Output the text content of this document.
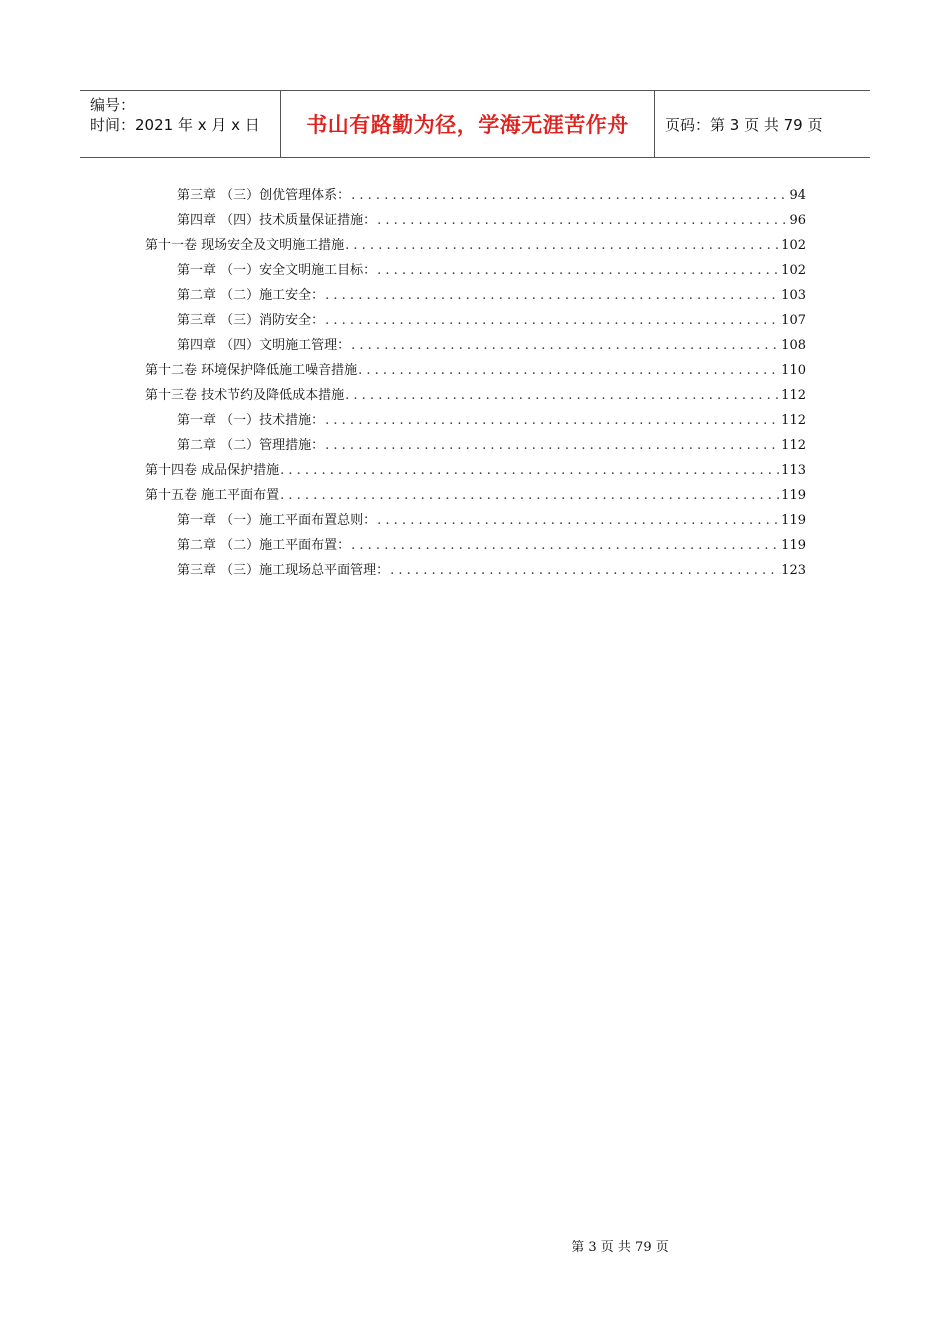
编号：
时间：2021 年 x 月 x 日 书山有路勤为径，学海无涯苦作舟	页码：第 3 页 共 79 页
第三章 （三）创优管理体系： . . .	94
第四章 （四）技术质量保证措施： . . .	96
第十一卷 现场安全及文明施工措施 . . .	102
第一章 （一）安全文明施工目标： . . .	102
第二章 （二）施工安全： . . .	103
第三章 （三）消防安全： . . .	107
第四章 （四）文明施工管理： . . .	108
第十二卷 环境保护降低施工噪音措施 . . .	110
第十三卷 技术节约及降低成本措施 . . .	112
第一章 （一）技术措施： . . .	112
第二章 （二）管理措施： . . .	112
第十四卷 成品保护措施 . . .	113
第十五卷 施工平面布置 . . .	119
第一章 （一）施工平面布置总则： . . .	119
第二章 （二）施工平面布置： . . .	119
第三章 （三）施工现场总平面管理： . . .	123
第 3 页 共 79 页
